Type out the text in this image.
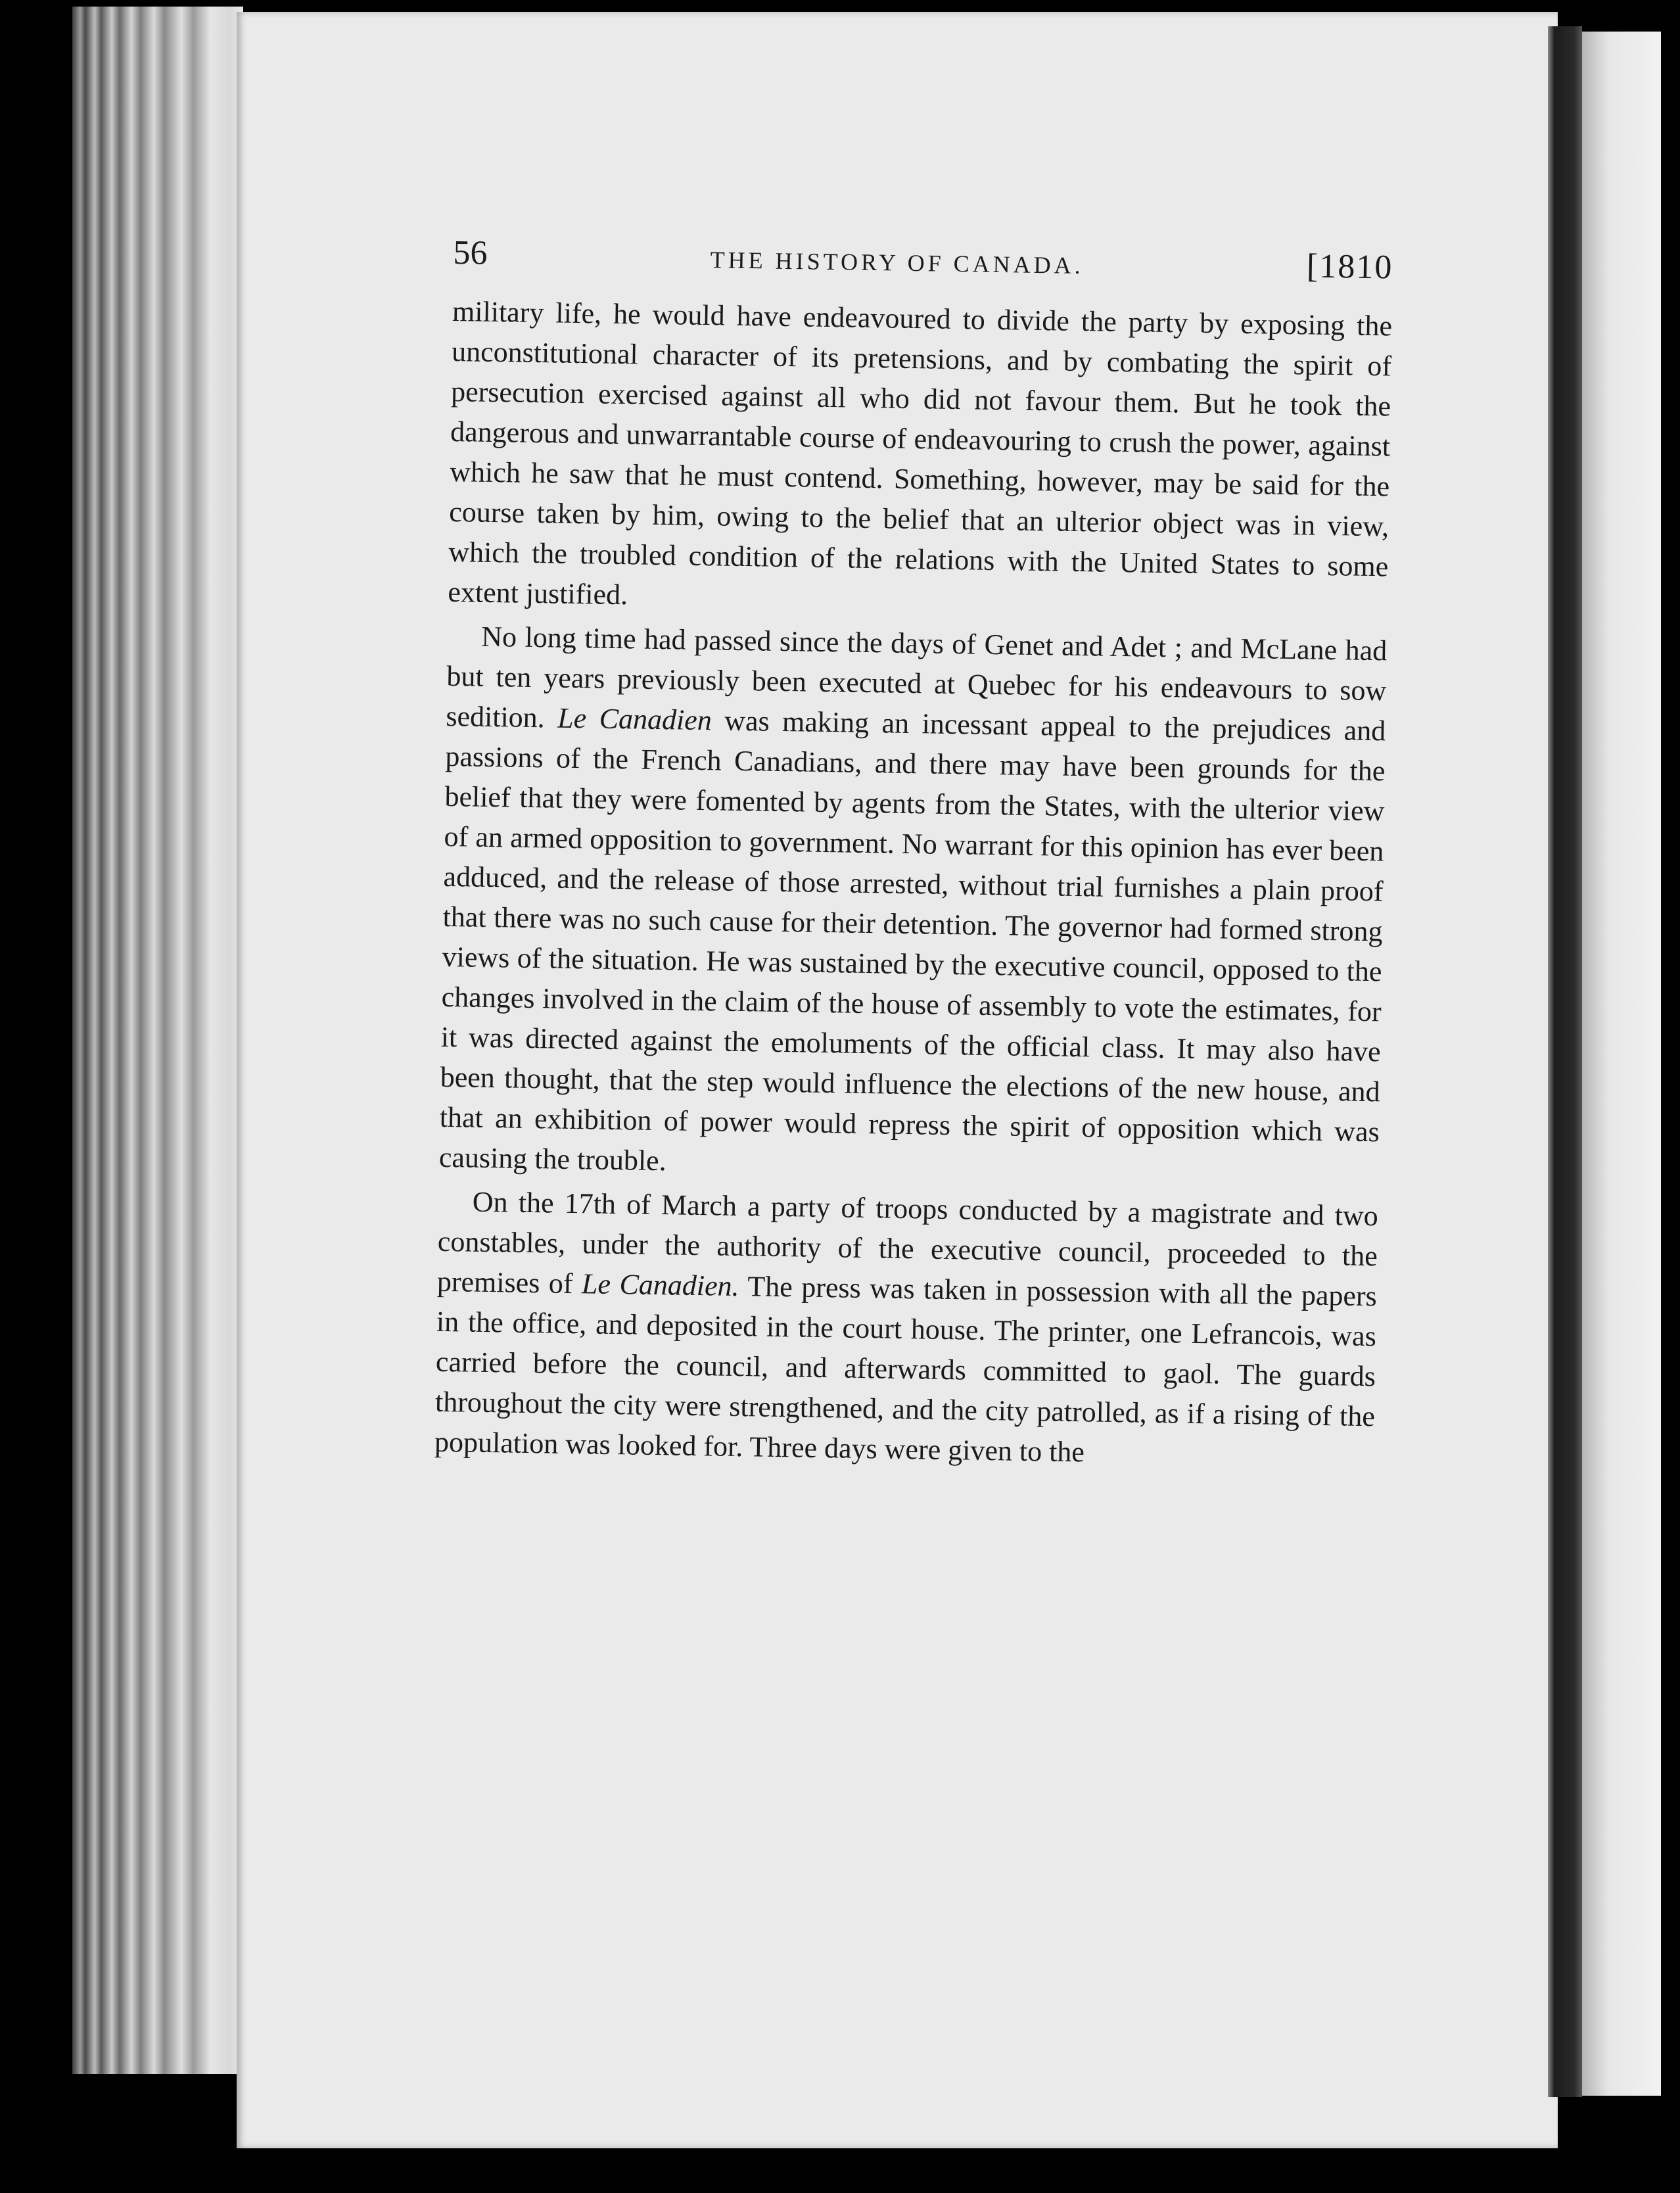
56	THE HISTORY OF CANADA.	[1810

military life, he would have endeavoured to divide the party by exposing the unconstitutional character of its pretensions, and by combating the spirit of persecution exercised against all who did not favour them. But he took the dangerous and unwarrantable course of endeavouring to crush the power, against which he saw that he must contend. Something, however, may be said for the course taken by him, owing to the belief that an ulterior object was in view, which the troubled condition of the relations with the United States to some extent justified.

No long time had passed since the days of Genet and Adet ; and McLane had but ten years previously been executed at Quebec for his endeavours to sow sedition. Le Canadien was making an incessant appeal to the prejudices and passions of the French Canadians, and there may have been grounds for the belief that they were fomented by agents from the States, with the ulterior view of an armed opposition to government. No warrant for this opinion has ever been adduced, and the release of those arrested, without trial furnishes a plain proof that there was no such cause for their detention. The governor had formed strong views of the situation. He was sustained by the executive council, opposed to the changes involved in the claim of the house of assembly to vote the estimates, for it was directed against the emoluments of the official class. It may also have been thought, that the step would influence the elections of the new house, and that an exhibition of power would repress the spirit of opposition which was causing the trouble.

On the 17th of March a party of troops conducted by a magistrate and two constables, under the authority of the executive council, proceeded to the premises of Le Canadien. The press was taken in possession with all the papers in the office, and deposited in the court house. The printer, one Lefrancois, was carried before the council, and afterwards committed to gaol. The guards throughout the city were strengthened, and the city patrolled, as if a rising of the population was looked for. Three days were given to the
